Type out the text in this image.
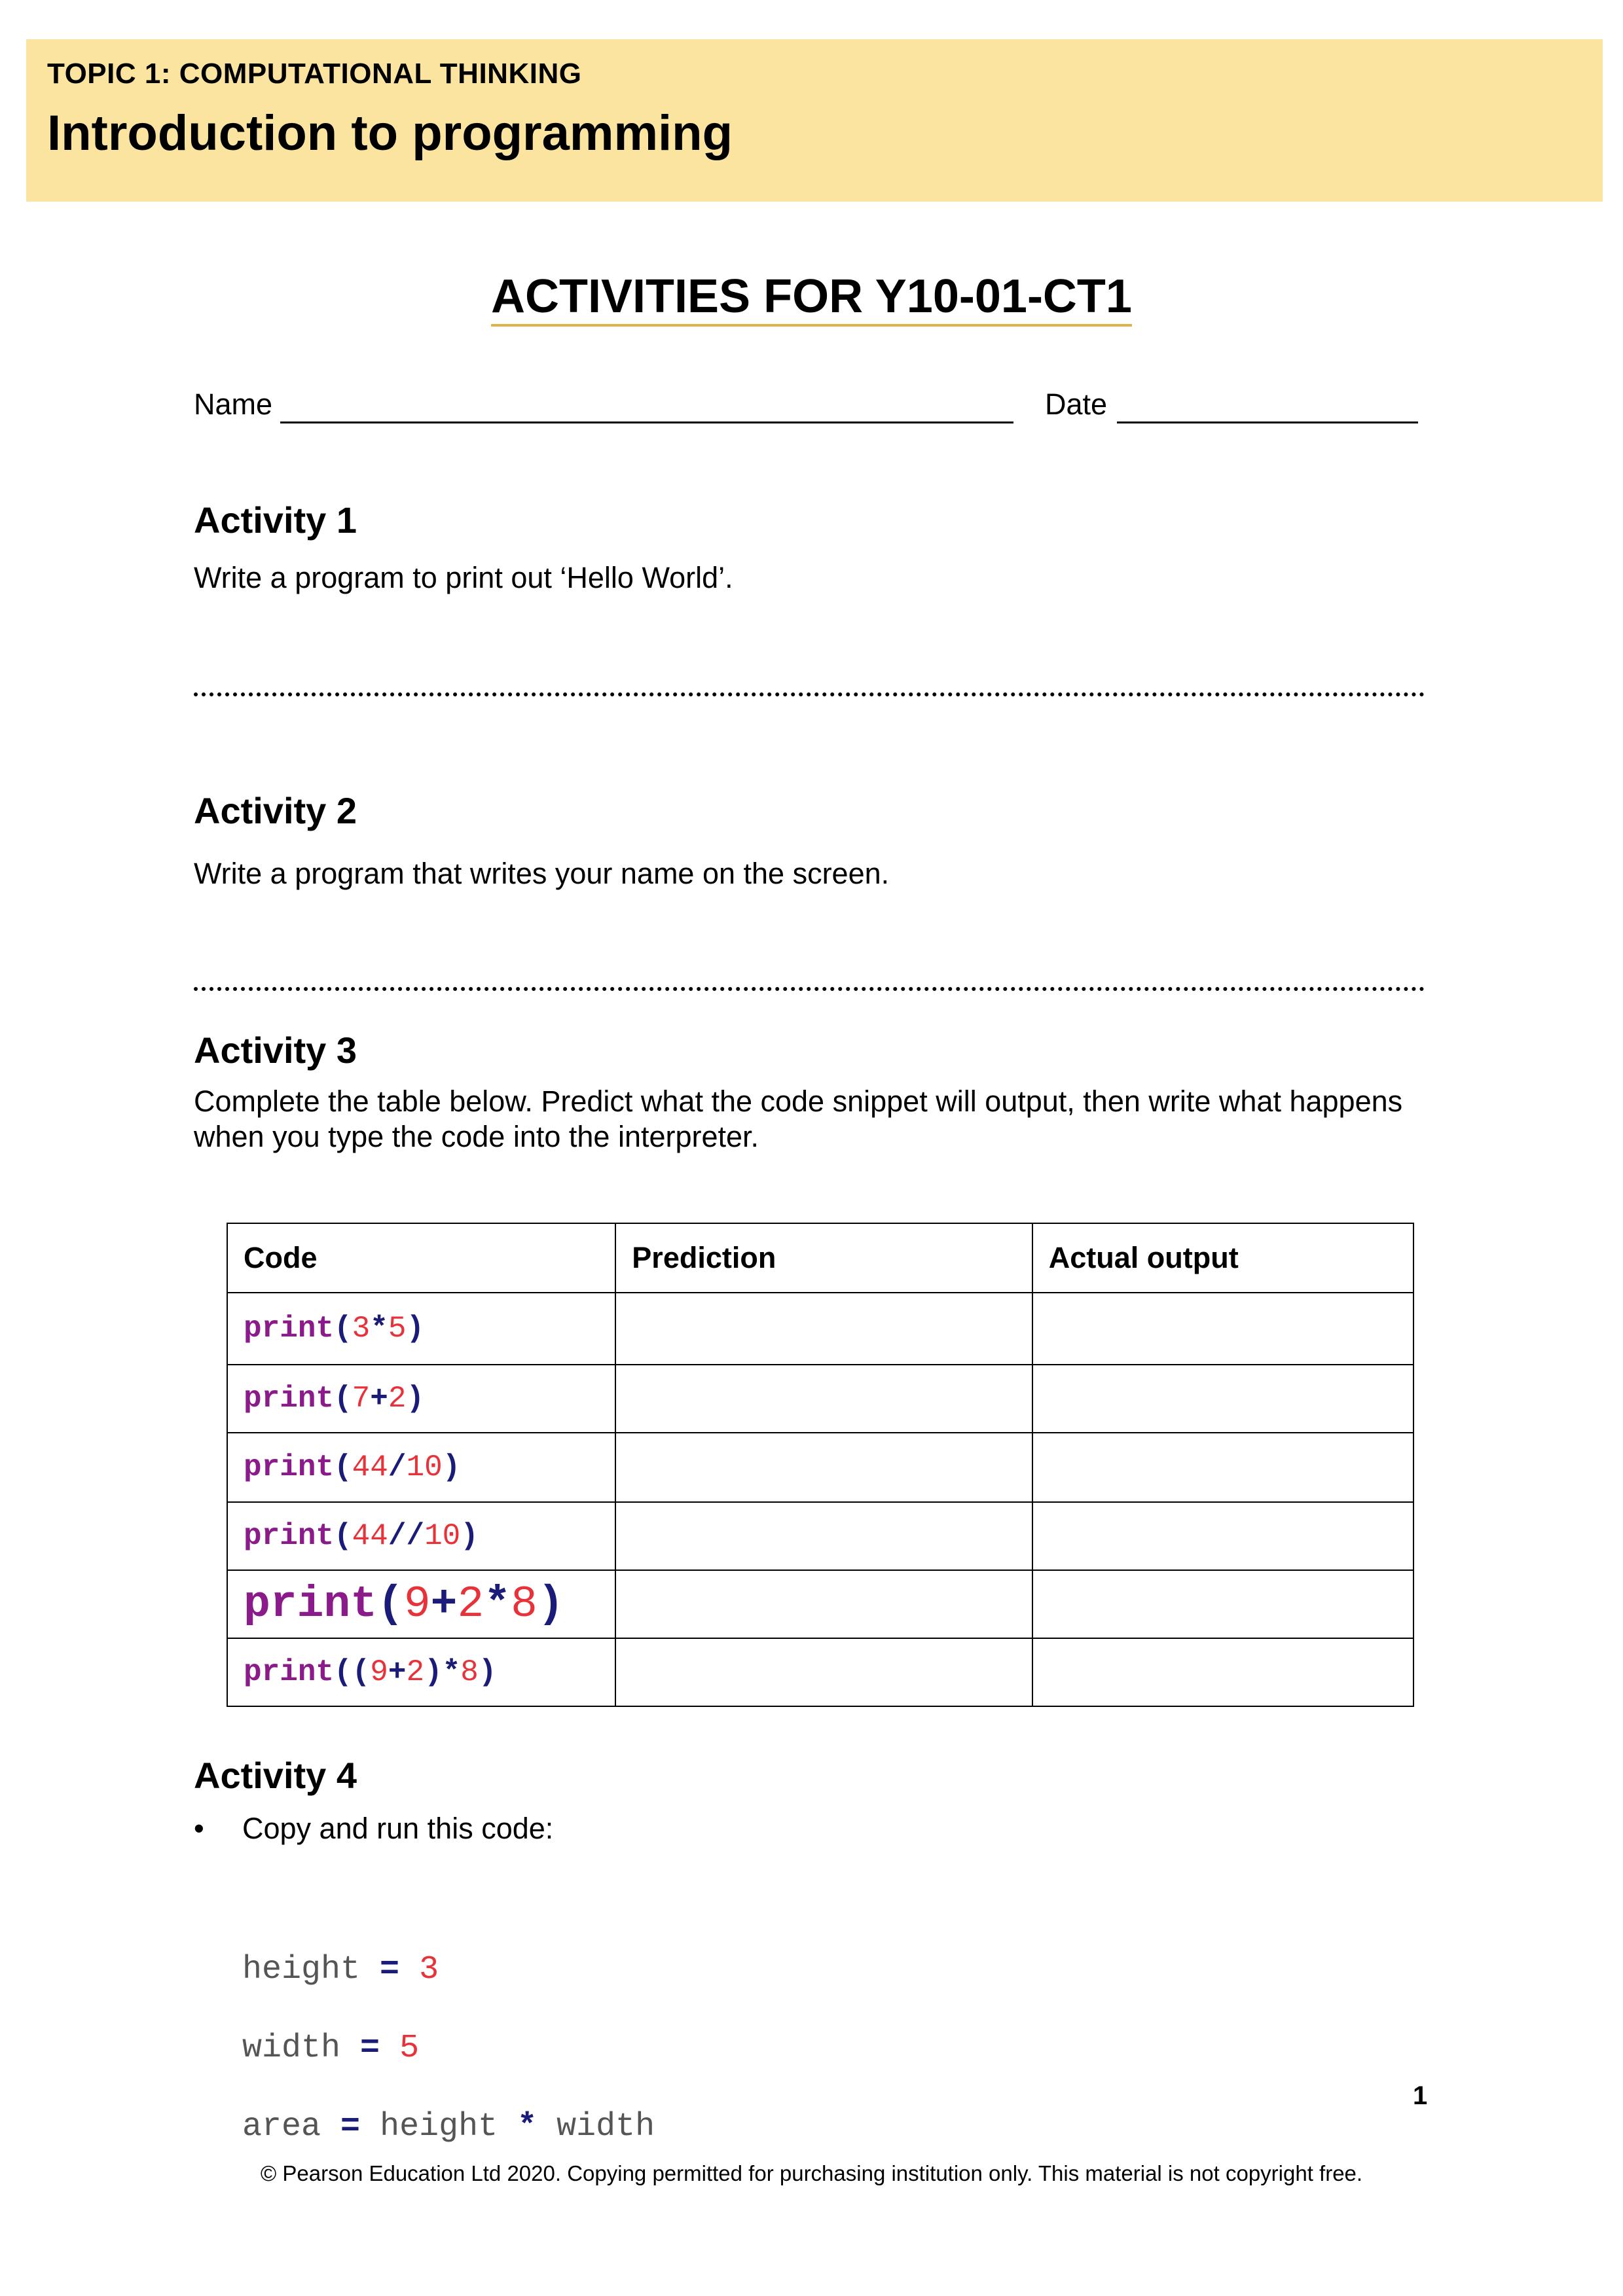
TOPIC 1: COMPUTATIONAL THINKING
Introduction to programming
ACTIVITIES FOR Y10-01-CT1
Name	Date
Activity 1
Write a program to print out ‘Hello World’.
Activity 2
Write a program that writes your name on the screen.
Activity 3
Complete the table below. Predict what the code snippet will output, then write what happens
when you type the code into the interpreter.
Code	Prediction	Actual output
print(3*5)		
print(7+2)		
print(44/10)		
print(44//10)		
print(9+2*8)		
print((9+2)*8)		
Activity 4
• Copy and run this code:

height = 3

width = 5

area = height * width

1
© Pearson Education Ltd 2020. Copying permitted for purchasing institution only. This material is not copyright free.
